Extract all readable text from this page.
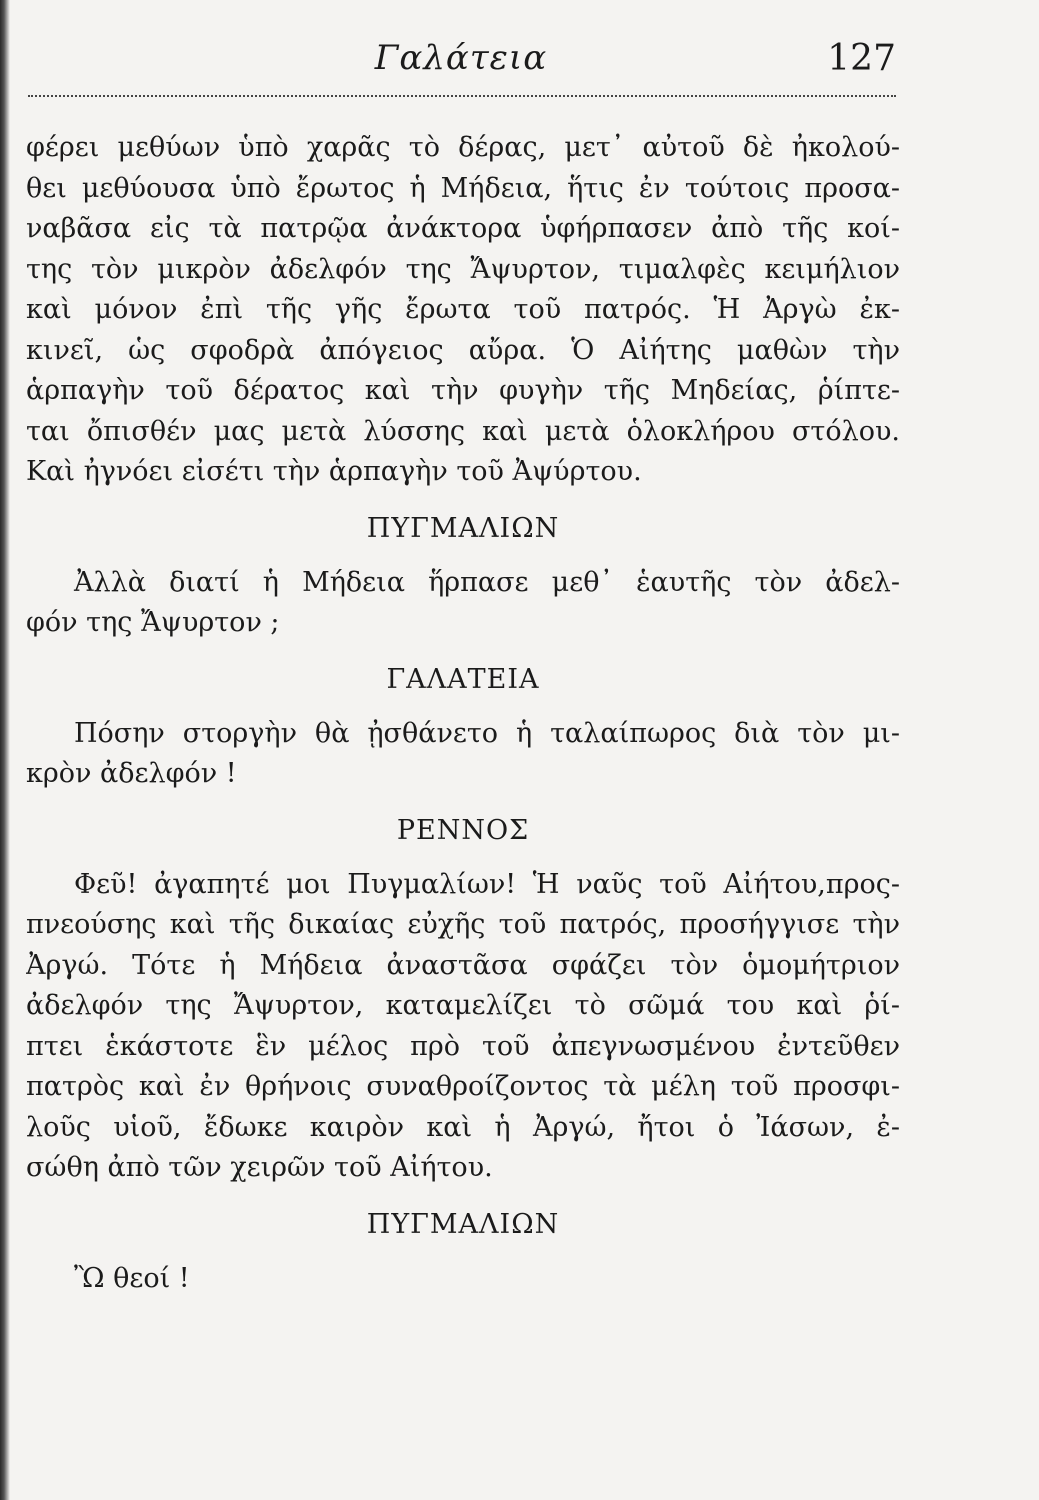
Γαλάτεια	127
φέρει μεθύων ὑπὸ χαρᾶς τὸ δέρας, μετ᾽ αὐτοῦ δὲ ἠκολού-
θει μεθύουσα ὑπὸ ἔρωτος ἡ Μήδεια, ἥτις ἐν τούτοις προσα-
ναβᾶσα εἰς τὰ πατρῷα ἀνάκτορα ὑφήρπασεν ἀπὸ τῆς κοί-
της τὸν μικρὸν ἀδελφόν της Ἄψυρτον, τιμαλφὲς κειμήλιον
καὶ μόνον ἐπὶ τῆς γῆς ἔρωτα τοῦ πατρός. Ἡ Ἀργὼ ἐκ-
κινεῖ, ὡς σφοδρὰ ἀπόγειος αὔρα. Ὁ Αἰήτης μαθὼν τὴν
ἁρπαγὴν τοῦ δέρατος καὶ τὴν φυγὴν τῆς Μηδείας, ῥίπτε-
ται ὄπισθέν μας μετὰ λύσσης καὶ μετὰ ὁλοκλήρου στόλου.
Καὶ ἠγνόει εἰσέτι τὴν ἁρπαγὴν τοῦ Ἀψύρτου.
ΠΥΓΜΑΛΙΩΝ
Ἀλλὰ διατί ἡ Μήδεια ἥρπασε μεθ᾽ ἑαυτῆς τὸν ἀδελ-
φόν της Ἄψυρτον ;
ΓΑΛΑΤΕΙΑ
Πόσην στοργὴν θὰ ᾐσθάνετο ἡ ταλαίπωρος διὰ τὸν μι-
κρὸν ἀδελφόν !
ΡΕΝΝΟΣ
Φεῦ! ἀγαπητέ μοι Πυγμαλίων! Ἡ ναῦς τοῦ Αἰήτου,προς-
πνεούσης καὶ τῆς δικαίας εὐχῆς τοῦ πατρός, προσήγγισε τὴν
Ἀργώ. Τότε ἡ Μήδεια ἀναστᾶσα σφάζει τὸν ὁμομήτριον
ἀδελφόν της Ἄψυρτον, καταμελίζει τὸ σῶμά του καὶ ῥί-
πτει ἑκάστοτε ἓν μέλος πρὸ τοῦ ἀπεγνωσμένου ἐντεῦθεν
πατρὸς καὶ ἐν θρήνοις συναθροίζοντος τὰ μέλη τοῦ προσφι-
λοῦς υἱοῦ, ἔδωκε καιρὸν καὶ ἡ Ἀργώ, ἤτοι ὁ Ἰάσων, ἐ-
σώθη ἀπὸ τῶν χειρῶν τοῦ Αἰήτου.
ΠΥΓΜΑΛΙΩΝ
Ὢ θεοί !
